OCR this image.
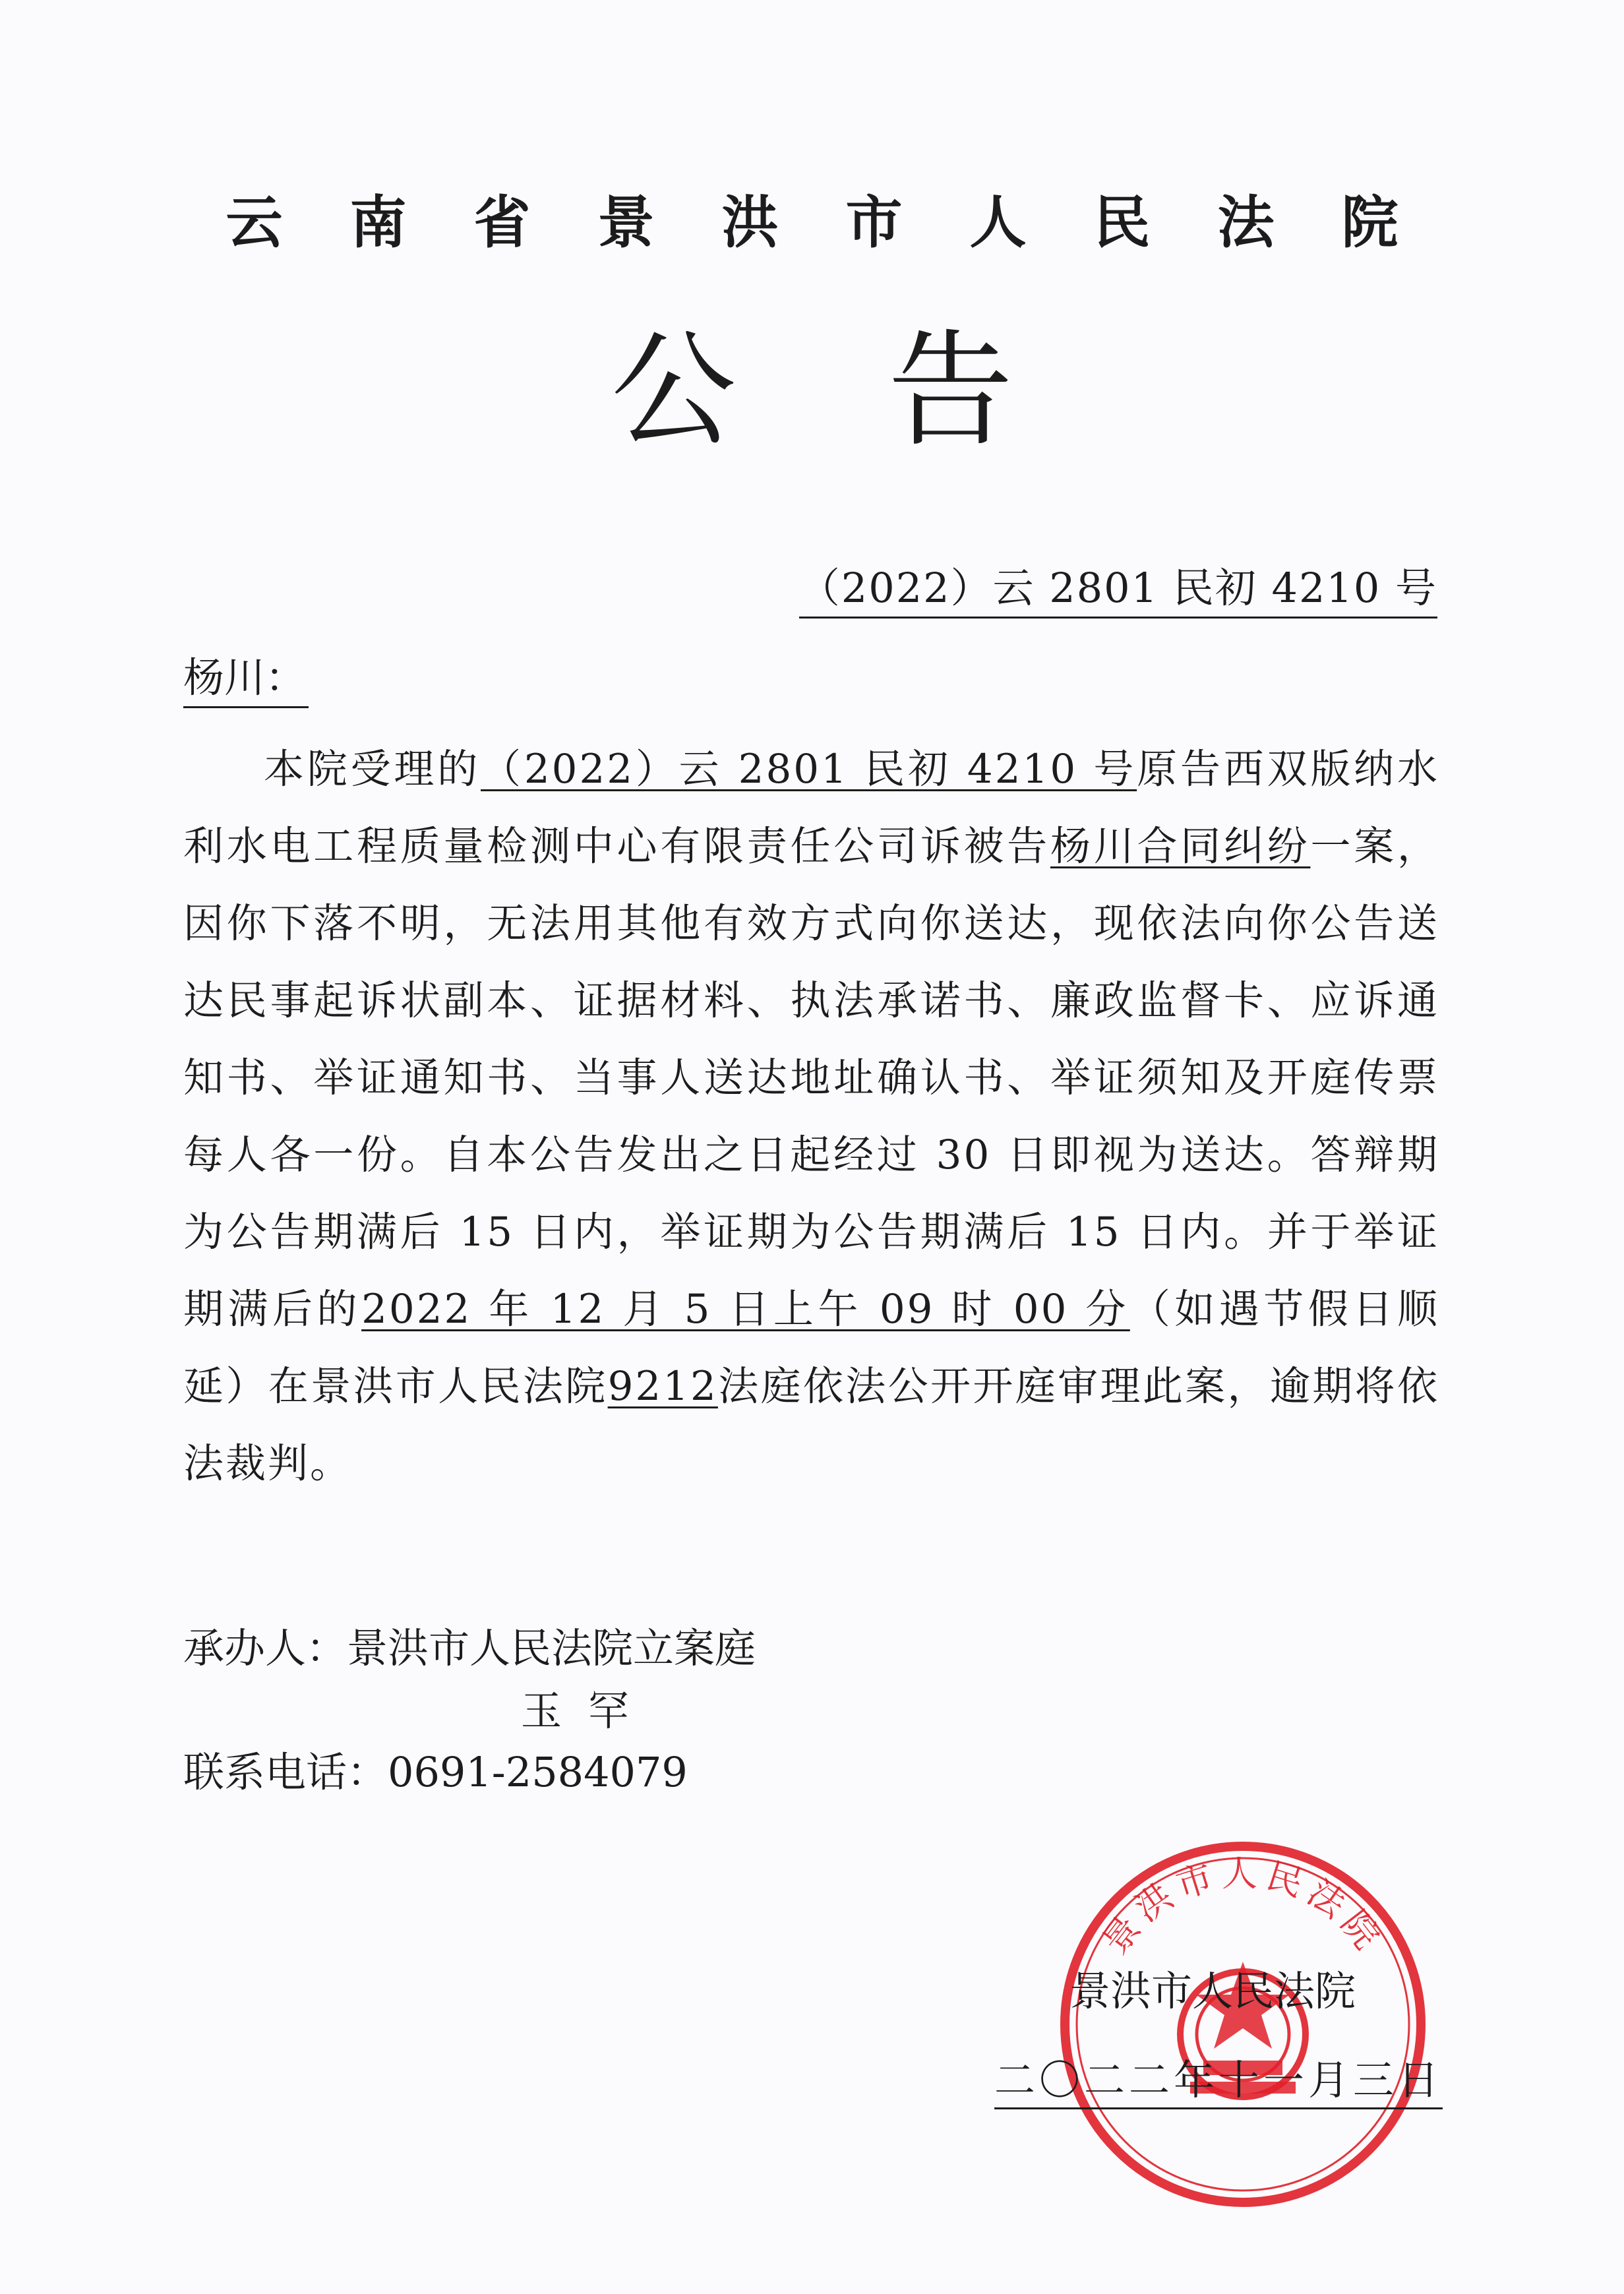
云南省景洪市人民法院
公告
（2022）云 2801 民初 4210 号
杨川：
本院受理的（2022）云 2801 民初 4210 号原告西双版纳水利水电工程质量检测中心有限责任公司诉被告杨川合同纠纷一案，因你下落不明，无法用其他有效方式向你送达，现依法向你公告送达民事起诉状副本、证据材料、执法承诺书、廉政监督卡、应诉通知书、举证通知书、当事人送达地址确认书、举证须知及开庭传票每人各一份。自本公告发出之日起经过 30 日即视为送达。答辩期为公告期满后 15 日内，举证期为公告期满后 15 日内。并于举证期满后的2022 年 12 月 5 日上午 09 时 00 分（如遇节假日顺延）在景洪市人民法院9212法庭依法公开开庭审理此案，逾期将依法裁判。
承办人：景洪市人民法院立案庭
玉罕
联系电话：0691-2584079
景洪市人民法院
景洪市人民法院
二〇二二年十一月三日
